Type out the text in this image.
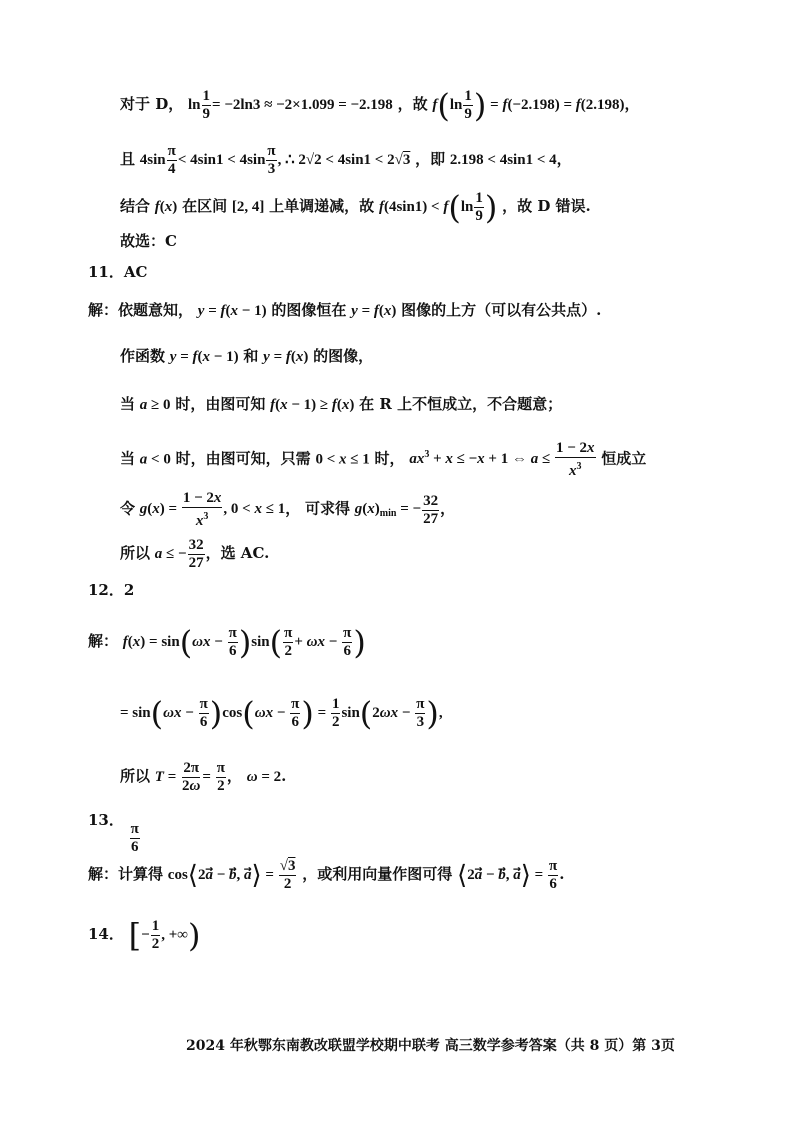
对于 D， $\ln \frac{1}{9} = -2\ln 3 \approx -2\times 1.099 = -2.198$ ，故 $f(\ln \frac{1}{9}$ ) = f(−2.198) = f(2.198)，
且 $4\sin \frac{\pi}{4} < 4\sin 1 < 4\sin \frac{\pi}{3}$ , ∴ 2√2 < 4sin1 < 2√3 ，即 2.198 < 4sin1 < 4，
结合 f(x) 在区间 [2, 4] 上单调递减，故 $f(4\sin 1) < f(\ln \frac{1}{9}$ ) ，故 D 错误.
故选：C
11．AC
解：依题意知， y = f(x − 1) 的图像恒在 y = f(x) 图像的上方（可以有公共点）.
作函数 y = f(x − 1) 和 y = f(x) 的图像，
当 a ≥ 0 时，由图可知 f(x − 1) ≥ f(x) 在 R 上不恒成立，不合题意；
当 a < 0 时，由图可知，只需 0 < x ≤ 1 时， $ax^3 + x \le -x + 1$ ⇔ $a \le \frac{1 - 2x}{x^3}$ 恒成立
令 $g(x) = \frac{1 - 2x}{x^3}$ , 0 < x ≤ 1， 可求得 $g(x)_{min}$ = − $\frac{32}{27}$ ，
所以 a ≤ − $\frac{32}{27}$ ，选 AC.
12．2
解： $f(x) = \sin(\omega x - \frac{\pi}{6} )\sin( \frac{\pi}{2} + \omega x - \frac{\pi}{6}$ )
= $\sin(\omega x - \frac{\pi}{6} )\cos(\omega x - \frac{\pi}{6}$ ) = $\frac{1}{2} \sin(2\omega x - \frac{\pi}{3}$ ),
所以 $T = \frac{2\pi}{2\omega} = \frac{\pi}{2}$ ， ω = 2.
13．
$\frac{\pi}{6}$
解：计算得 cos⟨2a⃗ − b⃗, a⟩ = $\frac{√3}{2}$ ，或利用向量作图可得 ⟨2a⃗ − b⃗, a⟩ = $\frac{\pi}{6}$ .
14． [− $\frac{1}{2}$ , +∞)
2024 年秋鄂东南教改联盟学校期中联考 高三数学参考答案（共 8 页）第 3页
